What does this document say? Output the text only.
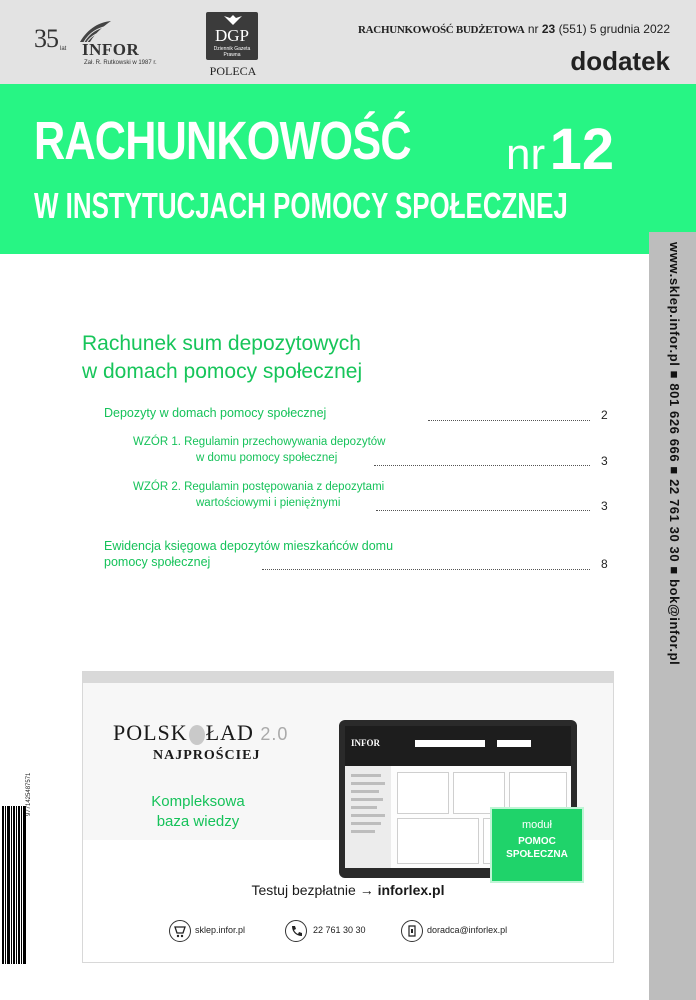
35 lat INFOR
Zał. R. Rutkowski w 1987 r.
DGP
Dziennik Gazeta Prawna
POLECA
RACHUNKOWOŚĆ BUDŻETOWA nr 23 (551) 5 grudnia 2022
dodatek
RACHUNKOWOŚĆ nr 12
W INSTYTUCJACH POMOCY SPOŁECZNEJ
www.sklep.infor.pl ■ 801 626 666 ■ 22 761 30 30 ■ bok@infor.pl
Rachunek sum depozytowych
w domach pomocy społecznej
Depozyty w domach pomocy społecznej	2
WZÓR 1. Regulamin przechowywania depozytów
w domu pomocy społecznej	3
WZÓR 2. Regulamin postępowania z depozytami
wartościowymi i pieniężnymi	3
Ewidencja księgowa depozytów mieszkańców domu
pomocy społecznej	8
POLSK ŁAD 2.0
NAJPROŚCIEJ
Kompleksowa
baza wiedzy
INFOR
moduł
POMOC
SPOŁECZNA
Testuj bezpłatnie → inforlex.pl
sklep.infor.pl	22 761 30 30	doradca@inforlex.pl
9771425487571
